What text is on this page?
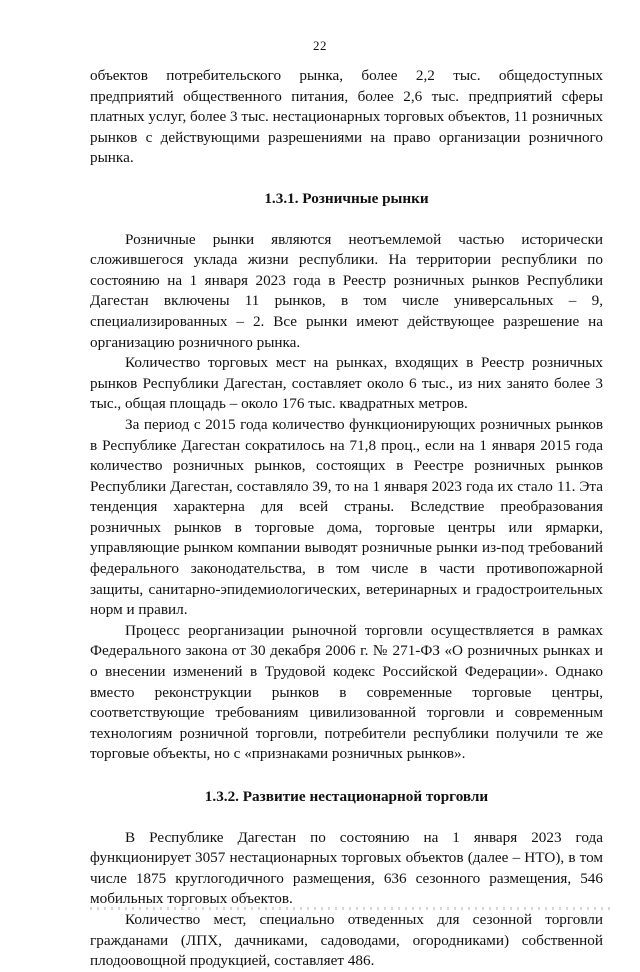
22

объектов потребительского рынка, более 2,2 тыс. общедоступных предприятий общественного питания, более 2,6 тыс. предприятий сферы платных услуг, более 3 тыс. нестационарных торговых объектов, 11 розничных рынков с действующими разрешениями на право организации розничного рынка.

1.3.1. Розничные рынки

Розничные рынки являются неотъемлемой частью исторически сложившегося уклада жизни республики. На территории республики по состоянию на 1 января 2023 года в Реестр розничных рынков Республики Дагестан включены 11 рынков, в том числе универсальных – 9, специализированных – 2. Все рынки имеют действующее разрешение на организацию розничного рынка.

Количество торговых мест на рынках, входящих в Реестр розничных рынков Республики Дагестан, составляет около 6 тыс., из них занято более 3 тыс., общая площадь – около 176 тыс. квадратных метров.

За период с 2015 года количество функционирующих розничных рынков в Республике Дагестан сократилось на 71,8 проц., если на 1 января 2015 года количество розничных рынков, состоящих в Реестре розничных рынков Республики Дагестан, составляло 39, то на 1 января 2023 года их стало 11. Эта тенденция характерна для всей страны. Вследствие преобразования розничных рынков в торговые дома, торговые центры или ярмарки, управляющие рынком компании выводят розничные рынки из-под требований федерального законодательства, в том числе в части противопожарной защиты, санитарно-эпидемиологических, ветеринарных и градостроительных норм и правил.

Процесс реорганизации рыночной торговли осуществляется в рамках Федерального закона от 30 декабря 2006 г. № 271-ФЗ «О розничных рынках и о внесении изменений в Трудовой кодекс Российской Федерации». Однако вместо реконструкции рынков в современные торговые центры, соответствующие требованиям цивилизованной торговли и современным технологиям розничной торговли, потребители республики получили те же торговые объекты, но с «признаками розничных рынков».

1.3.2. Развитие нестационарной торговли

В Республике Дагестан по состоянию на 1 января 2023 года функционирует 3057 нестационарных торговых объектов (далее – НТО), в том числе 1875 круглогодичного размещения, 636 сезонного размещения, 546 мобильных торговых объектов.

Количество мест, специально отведенных для сезонной торговли гражданами (ЛПХ, дачниками, садоводами, огородниками) собственной плодоовощной продукцией, составляет 486.
